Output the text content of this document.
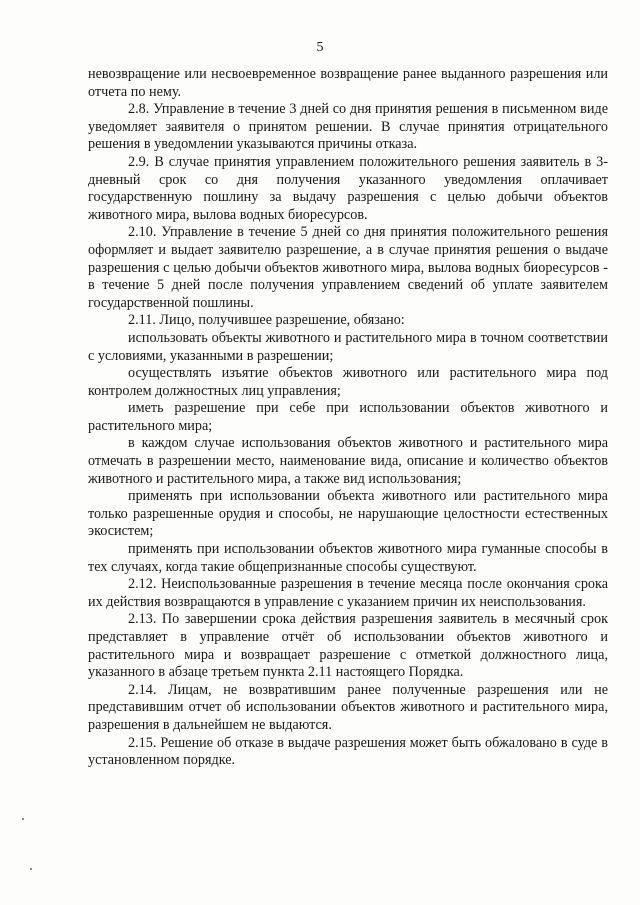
5

невозвращение или несвоевременное возвращение ранее выданного разрешения или отчета по нему.

2.8. Управление в течение 3 дней со дня принятия решения в письменном виде уведомляет заявителя о принятом решении. В случае принятия отрицательного решения в уведомлении указываются причины отказа.

2.9. В случае принятия управлением положительного решения заявитель в 3-дневный срок со дня получения указанного уведомления оплачивает государственную пошлину за выдачу разрешения с целью добычи объектов животного мира, вылова водных биоресурсов.

2.10. Управление в течение 5 дней со дня принятия положительного решения оформляет и выдает заявителю разрешение, а в случае принятия решения о выдаче разрешения с целью добычи объектов животного мира, вылова водных биоресурсов - в течение 5 дней после получения управлением сведений об уплате заявителем государственной пошлины.

2.11. Лицо, получившее разрешение, обязано:

использовать объекты животного и растительного мира в точном соответствии с условиями, указанными в разрешении;

осуществлять изъятие объектов животного или растительного мира под контролем должностных лиц управления;

иметь разрешение при себе при использовании объектов животного и растительного мира;

в каждом случае использования объектов животного и растительного мира отмечать в разрешении место, наименование вида, описание и количество объектов животного и растительного мира, а также вид использования;

применять при использовании объекта животного или растительного мира только разрешенные орудия и способы, не нарушающие целостности естественных экосистем;

применять при использовании объектов животного мира гуманные способы в тех случаях, когда такие общепризнанные способы существуют.

2.12. Неиспользованные разрешения в течение месяца после окончания срока их действия возвращаются в управление с указанием причин их неиспользования.

2.13. По завершении срока действия разрешения заявитель в месячный срок представляет в управление отчёт об использовании объектов животного и растительного мира и возвращает разрешение с отметкой должностного лица, указанного в абзаце третьем пункта 2.11 настоящего Порядка.

2.14. Лицам, не возвратившим ранее полученные разрешения или не представившим отчет об использовании объектов животного и растительного мира, разрешения в дальнейшем не выдаются.

2.15. Решение об отказе в выдаче разрешения может быть обжаловано в суде в установленном порядке.
